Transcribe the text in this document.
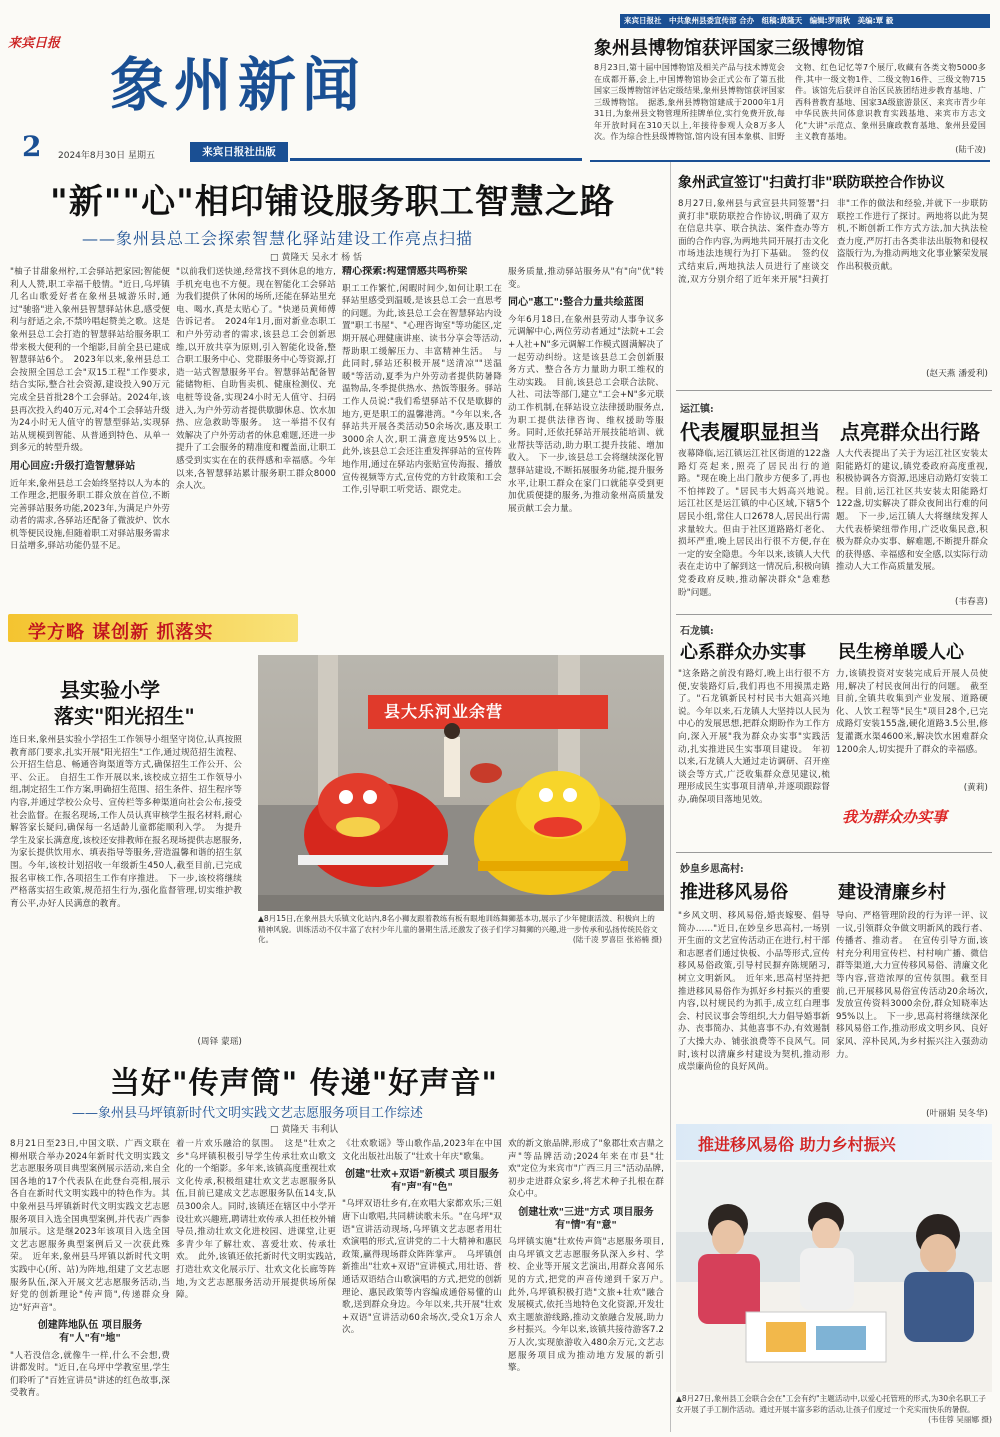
来宾日报社　中共象州县委宣传部 合办　组稿:黄隆天　编辑:罗雨秋　美编:覃 毅
来宾日报
象州新闻
2 2024年8月30日 星期五	来宾日报社出版
象州县博物馆获评国家三级博物馆
8月23日,第十届中国博物馆及相关产品与技术博览会在成都开幕,会上,中国博物馆协会正式公布了第五批国家三级博物馆评估定级结果,象州县博物馆获评国家三级博物馆。　据悉,象州县博物馆建成于2000年1月31日,为象州县文物管理所挂牌单位,实行免费开放,每年开放时间在310天以上,年接待参观人众8万多人次。作为综合性县级博物馆,馆内设有国本象棋、旧野文物、红色记忆等7个展厅,收藏有各类文物5000多件,其中一级文物1件、二级文物16件、三级文物715件。该馆先后获评自治区民族团结进步教育基地、广西科普教育基地、国家3A级旅游景区、来宾市青少年中华民族共同体意识教育实践基地、来宾市方志文化"大讲"示范点、象州县廉政教育基地、象州县爱国主义教育基地。
(陆千凌)
"新""心"相印铺设服务职工智慧之路
——象州县总工会探索智慧化驿站建设工作亮点扫描
□ 黄隆天 吴永才 杨 恬
"柚子甘甜象州柠,工会驿站把家园;智能便利人人赞,职工幸福千般情。"近日,乌坪镇几名山歌爱好者在象州县城游乐时,通过"驰骆"进入象州县智慧驿站休息,感受便利与舒适之余,不禁吟唱起赞美之歌。这是象州县总工会打造的智慧驿站给服务职工带来极大便利的一个缩影,目前全县已建成智慧驿站6个。　2023年以来,象州县总工会按照全国总工会"双15工程"工作要求,结合实际,整合社会资源,建设投入90万元完成全县首批28个工会驿站。2024年,该县再次投入约40万元,对4个工会驿站升级为24小时无人值守的智慧型驿站,实现驿站从规模到智能、从普通到特色、从单一到多元的转型升级。
用心回应:升级打造智慧驿站
近年来,象州县总工会始终坚持以人为本的工作理念,把服务职工群众放在首位,不断完善驿站服务功能,2023年,为满足户外劳动者的需求,各驿站还配备了微波炉、饮水机等便民设施,但随着职工对驿站服务需求日益增多,驿站功能仍显不足。
"以前我们送快递,经常找不到休息的地方,手机充电也不方便。现在智能化工会驿站为我们提供了休闲的场所,还能在驿站里充电、喝水,真是太贴心了。"快递员黄师傅告诉记者。　2024年1月,面对新业态职工和户外劳动者的需求,该县总工会创新思维,以开放共享为原则,引入智能化设备,整合职工服务中心、党群服务中心等资源,打造一站式智慧服务平台。智慧驿站配备智能储物柜、自助售卖机、健康检测仪、充电桩等设备,实现24小时无人值守、扫码进入,为户外劳动者提供歇脚休息、饮水加热、应急救助等服务。　这一举措不仅有效解决了户外劳动者的休息难题,还进一步提升了工会服务的精准度和覆盖面,让职工感受到实实在在的获得感和幸福感。今年以来,各智慧驿站累计服务职工群众8000余人次。
精心探索:构建情感共鸣桥梁
职工工作繁忙,闲暇时间少,如何让职工在驿站里感受到温暖,是该县总工会一直思考的问题。为此,该县总工会在智慧驿站内设置"职工书屋"、"心理咨询室"等功能区,定期开展心理健康讲座、读书分享会等活动,帮助职工缓解压力、丰富精神生活。　与此同时,驿站还积极开展"送清凉""送温暖"等活动,夏季为户外劳动者提供防暑降温物品,冬季提供热水、热饭等服务。驿站工作人员说:"我们希望驿站不仅是歇脚的地方,更是职工的温馨港湾。"今年以来,各驿站共开展各类活动50余场次,惠及职工3000余人次,职工满意度达95%以上。　此外,该县总工会还注重发挥驿站的宣传阵地作用,通过在驿站内张贴宣传海报、播放宣传视频等方式,宣传党的方针政策和工会工作,引导职工听党话、跟党走。
服务质量,推动驿站服务从"有"向"优"转变。
同心"惠工":整合力量共绘蓝图
今年6月18日,在象州县劳动人事争议多元调解中心,两位劳动者通过"法院+工会+人社+N"多元调解工作模式圆满解决了一起劳动纠纷。这是该县总工会创新服务方式、整合各方力量助力职工维权的生动实践。　目前,该县总工会联合法院、人社、司法等部门,建立"工会+N"多元联动工作机制,在驿站设立法律援助服务点,为职工提供法律咨询、维权援助等服务。同时,还依托驿站开展技能培训、就业帮扶等活动,助力职工提升技能、增加收入。　下一步,该县总工会将继续深化智慧驿站建设,不断拓展服务功能,提升服务水平,让职工群众在家门口就能享受到更加优质便捷的服务,为推动象州高质量发展贡献工会力量。
学方略 谋创新 抓落实
县实验小学
落实"阳光招生"
连日来,象州县实验小学招生工作领导小组坚守岗位,认真按照教育部门要求,扎实开展"阳光招生"工作,通过规范招生流程、公开招生信息、畅通咨询渠道等方式,确保招生工作公开、公平、公正。　自招生工作开展以来,该校成立招生工作领导小组,制定招生工作方案,明确招生范围、招生条件、招生程序等内容,并通过学校公众号、宣传栏等多种渠道向社会公布,接受社会监督。在报名现场,工作人员认真审核学生报名材料,耐心解答家长疑问,确保每一名适龄儿童都能顺利入学。　为提升学生及家长满意度,该校还安排教师在报名现场提供志愿服务,为家长提供饮用水、填表指导等服务,营造温馨和谐的招生氛围。今年,该校计划招收一年级新生450人,截至目前,已完成报名审核工作,各项招生工作有序推进。　下一步,该校将继续严格落实招生政策,规范招生行为,强化监督管理,切实维护教育公平,办好人民满意的教育。
(周铎 蒙瑶)
县大乐河业余营
▲8月15日,在象州县大乐镇文化站内,8名小狮友跟着教练有板有眼地训练舞狮基本功,展示了少年健康活泼、积极向上的精神风貌。训练活动不仅丰富了农村少年儿童的暑期生活,还激发了孩子们学习舞狮的兴趣,进一步传承和弘扬传统民俗文化。	(陆千凌 罗喜臣 张裕楠 摄)
当好"传声筒" 传递"好声音"
——象州县马坪镇新时代文明实践文艺志愿服务项目工作综述
□ 黄隆天 韦利认
8月21日至23日,中国文联、广西文联在柳州联合举办2024年新时代文明实践文艺志愿服务项目典型案例展示活动,来自全国各地的17个代表队在此登台亮相,展示各自在新时代文明实践中的特色作为。其中象州县马坪镇新时代文明实践文艺志愿服务项目入选全国典型案例,并代表广西参加展示。这是继2023年该项目入选全国文艺志愿服务典型案例后又一次获此殊荣。　近年来,象州县马坪镇以新时代文明实践中心(所、站)为阵地,组建了文艺志愿服务队伍,深入开展文艺志愿服务活动,当好党的创新理论"传声筒",传递群众身边"好声音"。
创建阵地队伍 项目服务有"人"有"地"
"人若没信念,就像牛一样,什么不会想,费讲都发时。"近日,在乌坪中学教室里,学生们聆听了"百姓宣讲员"讲述的红色故事,深受教育。
着一片欢乐融洽的氛围。　这是"壮欢之乡"乌坪镇积极引导学生传承壮欢山歌文化的一个缩影。多年来,该镇高度重视壮欢文化传承,积极组建壮欢文艺志愿服务队伍,目前已建成文艺志愿服务队伍14支,队员300余人。同时,该镇还在辖区中小学开设壮欢兴趣班,聘请壮欢传承人担任校外辅导员,推动壮欢文化进校园、进课堂,让更多青少年了解壮欢、喜爱壮欢、传承壮欢。　此外,该镇还依托新时代文明实践站,打造壮欢文化展示厅、壮欢文化长廊等阵地,为文艺志愿服务活动开展提供场所保障。
《壮欢歌谣》等山歌作品,2023年在中国文化出版社出版了"壮欢十年庆"歌集。
创建"壮欢+双语"新模式 项目服务有"声"有"色"
"乌坪双语壮乡有,在欢唱大家都欢乐;三姐唐下山歌唱,共同耕读歌未乐。"在乌坪"双语"宣讲活动现场,乌坪镇文艺志愿者用壮欢演唱的形式,宣讲党的二十大精神和惠民政策,赢得现场群众阵阵掌声。　乌坪镇创新推出"壮欢+双语"宣讲模式,用壮语、普通话双语结合山歌演唱的方式,把党的创新理论、惠民政策等内容编成通俗易懂的山歌,送到群众身边。今年以来,共开展"壮欢+双语"宣讲活动60余场次,受众1万余人次。
欢的新文旅品牌,形成了"象郡壮欢吉鼎之声"等品牌活动;2024年来在市县"壮欢"定位为来宾市"广西三月三"活动品牌,初步走进群众家乡,将艺术种子扎根在群众心中。
创建壮欢"三进"方式 项目服务有"情"有"意"
乌坪镇实施"壮欢传声筒"志愿服务项目,由乌坪镇文艺志愿服务队深入乡村、学校、企业等开展文艺演出,用群众喜闻乐见的方式,把党的声音传递到千家万户。　此外,乌坪镇积极打造"文旅+壮欢"融合发展模式,依托当地特色文化资源,开发壮欢主题旅游线路,推动文旅融合发展,助力乡村振兴。今年以来,该镇共接待游客7.2万人次,实现旅游收入480余万元,文艺志愿服务项目成为推动地方发展的新引擎。
象州武宣签订"扫黄打非"联防联控合作协议
8月27日,象州县与武宣县共同签署"扫黄打非"联防联控合作协议,明确了双方在信息共享、联合执法、案件查办等方面的合作内容,为两地共同开展打击文化市场违法违规行为打下基础。　签约仪式结束后,两地执法人员进行了座谈交流,双方分别介绍了近年来开展"扫黄打非"工作的做法和经验,并就下一步联防联控工作进行了探讨。两地将以此为契机,不断创新工作方式方法,加大执法检查力度,严厉打击各类非法出版物和侵权盗版行为,为推动两地文化事业繁荣发展作出积极贡献。
(赵天燕 潘爱利)
运江镇:
代表履职显担当 点亮群众出行路
夜幕降临,运江镇运江社区街道的122盏路灯亮起来,照亮了居民出行的道路。"现在晚上出门散步方便多了,再也不怕摔跤了。"居民韦大妈高兴地说。　运江社区是运江镇的中心区域,下辖5个居民小组,常住人口2678人,居民出行需求量较大。但由于社区道路路灯老化、损坏严重,晚上居民出行很不方便,存在一定的安全隐患。今年以来,该镇人大代表在走访中了解到这一情况后,积极向镇党委政府反映,推动解决群众"急难愁盼"问题。
人大代表提出了关于为运江社区安装太阳能路灯的建议,镇党委政府高度重视,积极协调各方资源,迅速启动路灯安装工程。目前,运江社区共安装太阳能路灯122盏,切实解决了群众夜间出行难的问题。　下一步,运江镇人大将继续发挥人大代表桥梁纽带作用,广泛收集民意,积极为群众办实事、解难题,不断提升群众的获得感、幸福感和安全感,以实际行动推动人大工作高质量发展。
(韦春喜)
石龙镇:
心系群众办实事 民生榜单暖人心
"这条路之前没有路灯,晚上出行很不方便,安装路灯后,我们再也不用摸黑走路了。"石龙镇新民村村民韦大姐高兴地说。今年以来,石龙镇人大坚持以人民为中心的发展思想,把群众期盼作为工作方向,深入开展"我为群众办实事"实践活动,扎实推进民生实事项目建设。　年初以来,石龙镇人大通过走访调研、召开座谈会等方式,广泛收集群众意见建议,梳理形成民生实事项目清单,并逐项跟踪督办,确保项目落地见效。
力,该镇投资对安装完成后开展人员使用,解决了村民夜间出行的问题。　截至目前,全镇共收集到产业发展、道路硬化、人饮工程等"民生"项目28个,已完成路灯安装155盏,硬化道路3.5公里,修复灌溉水渠4600米,解决饮水困难群众1200余人,切实提升了群众的幸福感。
(黄莉)
我为群众办实事
妙皇乡思高村:
推进移风易俗	建设清廉乡村
"乡风文明、移风易俗,婚丧嫁娶、倡导简办……"近日,在妙皇乡思高村,一场别开生面的文艺宣传活动正在进行,村干部和志愿者们通过快板、小品等形式,宣传移风易俗政策,引导村民摒弃陈规陋习,树立文明新风。　近年来,思高村坚持把推进移风易俗作为抓好乡村振兴的重要内容,以村规民约为抓手,成立红白理事会、村民议事会等组织,大力倡导婚事新办、丧事简办、其他喜事不办,有效遏制了大操大办、铺张浪费等不良风气。同时,该村以清廉乡村建设为契机,推动形成崇廉尚俭的良好风尚。
导向、严格管理阶段的行为评一评、议一议,引领群众争做文明新风的践行者、传播者、推动者。　在宣传引导方面,该村充分利用宣传栏、村村响广播、微信群等渠道,大力宣传移风易俗、清廉文化等内容,营造浓厚的宣传氛围。截至目前,已开展移风易俗宣传活动20余场次,发放宣传资料3000余份,群众知晓率达95%以上。　下一步,思高村将继续深化移风易俗工作,推动形成文明乡风、良好家风、淳朴民风,为乡村振兴注入强劲动力。
(叶丽娟 吴冬华)
推进移风易俗 助力乡村振兴
▲8月27日,象州县工会联合会在"工会有约"主题活动中,以爱心托管班的形式,为30余名职工子女开展了手工制作活动。通过开展丰富多彩的活动,让孩子们度过一个充实而快乐的暑假。
(韦佳蓉 吴丽娜 摄)
